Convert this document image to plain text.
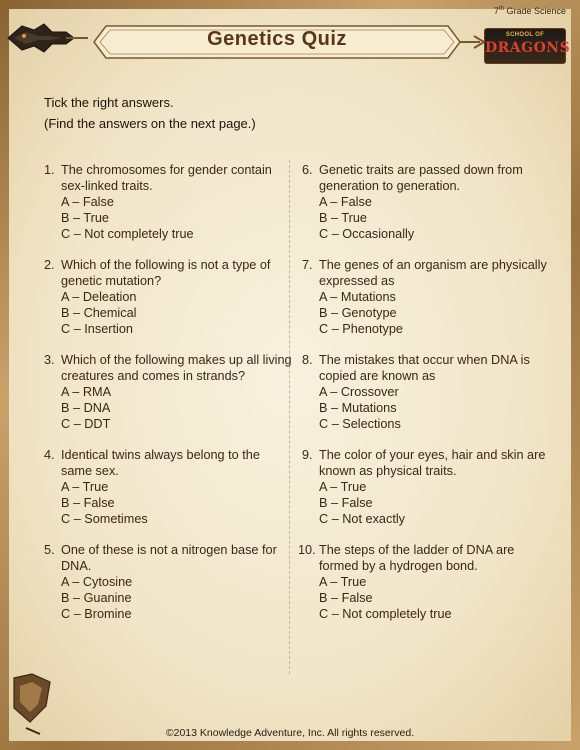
7th Grade Science
Genetics Quiz	SCHOOL OF
DRAGONS
Tick the right answers.
(Find the answers on the next page.)
1. The chromosomes for gender contain sex-linked traits.
A – False
B – True
C – Not completely true
2. Which of the following is not a type of genetic mutation?
A – Deleation
B – Chemical
C – Insertion
3. Which of the following makes up all living creatures and comes in strands?
A – RMA
B – DNA
C – DDT
4. Identical twins always belong to the same sex.
A – True
B – False
C – Sometimes
5. One of these is not a nitrogen base for DNA.
A – Cytosine
B – Guanine
C – Bromine
6. Genetic traits are passed down from generation to generation.
A – False
B – True
C – Occasionally
7. The genes of an organism are physically expressed as
A – Mutations
B – Genotype
C – Phenotype
8. The mistakes that occur when DNA is copied are known as
A – Crossover
B – Mutations
C – Selections
9. The color of your eyes, hair and skin are known as physical traits.
A – True
B – False
C – Not exactly
10. The steps of the ladder of DNA are formed by a hydrogen bond.
A – True
B – False
C – Not completely true
©2013 Knowledge Adventure, Inc. All rights reserved.
